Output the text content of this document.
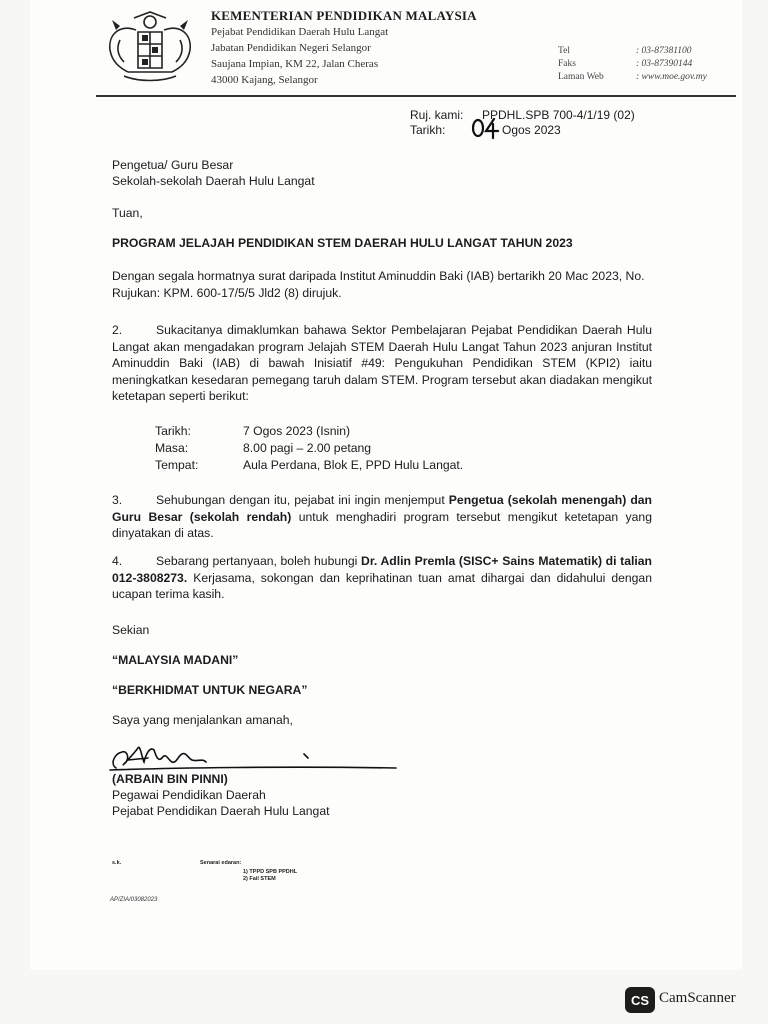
KEMENTERIAN PENDIDIKAN MALAYSIA
Pejabat Pendidikan Daerah Hulu Langat
Jabatan Pendidikan Negeri Selangor
Saujana Impian, KM 22, Jalan Cheras
43000 Kajang, Selangor
Tel	: 03-87381100
Faks	: 03-87390144
Laman Web	: www.moe.gov.my
Ruj. kami: PPDHL.SPB 700-4/1/19 (02)
Tarikh:	Ogos 2023
Pengetua/ Guru Besar
Sekolah-sekolah Daerah Hulu Langat
Tuan,
PROGRAM JELAJAH PENDIDIKAN STEM DAERAH HULU LANGAT TAHUN 2023
Dengan segala hormatnya surat daripada Institut Aminuddin Baki (IAB) bertarikh 20 Mac 2023, No. Rujukan: KPM. 600-17/5/5 Jld2 (8) dirujuk.
2.	Sukacitanya dimaklumkan bahawa Sektor Pembelajaran Pejabat Pendidikan Daerah Hulu Langat akan mengadakan program Jelajah STEM Daerah Hulu Langat Tahun 2023 anjuran Institut Aminuddin Baki (IAB) di bawah Inisiatif #49: Pengukuhan Pendidikan STEM (KPI2) iaitu meningkatkan kesedaran pemegang taruh dalam STEM. Program tersebut akan diadakan mengikut ketetapan seperti berikut:
Tarikh:	7 Ogos 2023 (Isnin)
Masa:	8.00 pagi – 2.00 petang
Tempat:	Aula Perdana, Blok E, PPD Hulu Langat.
3.	Sehubungan dengan itu, pejabat ini ingin menjemput Pengetua (sekolah menengah) dan Guru Besar (sekolah rendah) untuk menghadiri program tersebut mengikut ketetapan yang dinyatakan di atas.
4.	Sebarang pertanyaan, boleh hubungi Dr. Adlin Premla (SISC+ Sains Matematik) di talian 012-3808273. Kerjasama, sokongan dan keprihatinan tuan amat dihargai dan didahului dengan ucapan terima kasih.
Sekian
“MALAYSIA MADANI”
“BERKHIDMAT UNTUK NEGARA”
Saya yang menjalankan amanah,
(ARBAIN BIN PINNI)
Pegawai Pendidikan Daerah
Pejabat Pendidikan Daerah Hulu Langat
s.k.	Senarai edaran:
1) TPPD SPB PPDHL
2) Fail STEM
AP/ZIA/03082023
CS CamScanner
